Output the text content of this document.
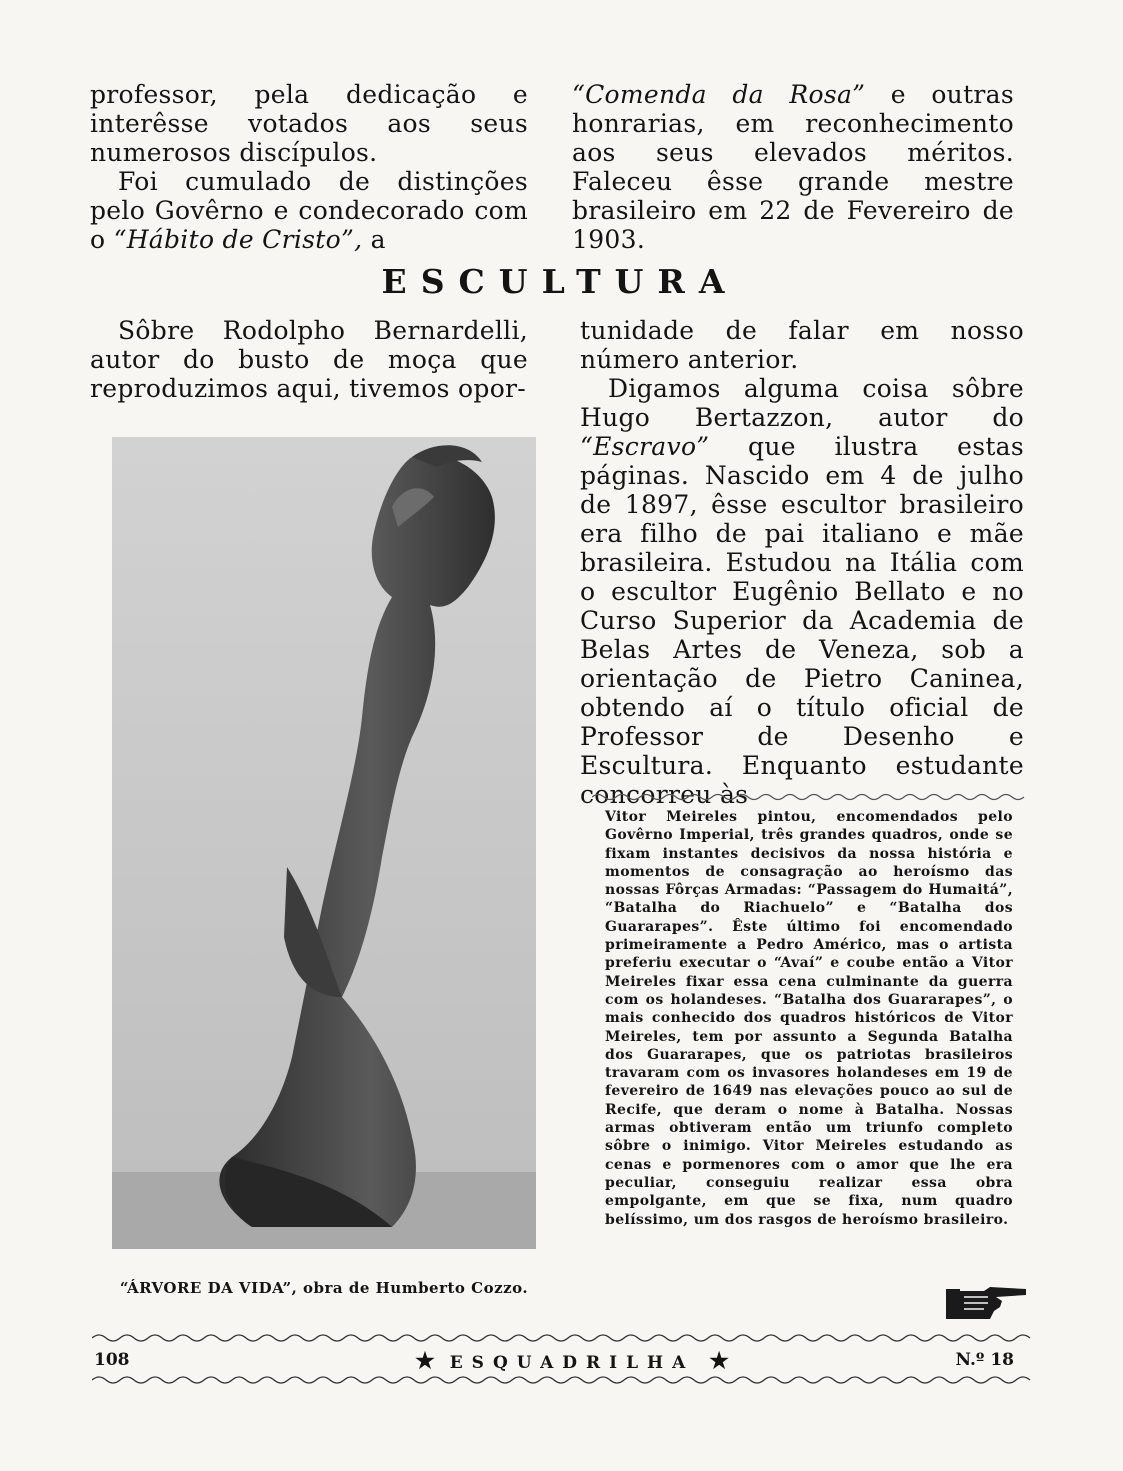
professor, pela dedicação e interêsse votados aos seus numerosos discípulos.

Foi cumulado de distinções pelo Govêrno e condecorado com o “Hábito de Cristo”, a

“Comenda da Rosa” e outras honrarias, em reconhecimento aos seus elevados méritos. Faleceu êsse grande mestre brasileiro em 22 de Fevereiro de 1903.

ESCULTURA

Sôbre Rodolpho Bernardelli, autor do busto de moça que reproduzimos aqui, tivemos opor-

tunidade de falar em nosso número anterior.

Digamos alguma coisa sôbre Hugo Bertazzon, autor do “Escravo” que ilustra estas páginas. Nascido em 4 de julho de 1897, êsse escultor brasileiro era filho de pai italiano e mãe brasileira. Estudou na Itália com o escultor Eugênio Bellato e no Curso Superior da Academia de Belas Artes de Veneza, sob a orientação de Pietro Caninea, obtendo aí o título oficial de Professor de Desenho e Escultura. Enquanto estudante concorreu às

“ÁRVORE DA VIDA”, obra de Humberto Cozzo.

Vitor Meireles pintou, encomendados pelo Govêrno Imperial, três grandes quadros, onde se fixam instantes decisivos da nossa história e momentos de consagração ao heroísmo das nossas Fôrças Armadas: “Passagem do Humaitá”, “Batalha do Riachuelo” e “Batalha dos Guararapes”. Êste último foi encomendado primeiramente a Pedro Américo, mas o artista preferiu executar o “Avaí” e coube então a Vitor Meireles fixar essa cena culminante da guerra com os holandeses. “Batalha dos Guararapes”, o mais conhecido dos quadros históricos de Vitor Meireles, tem por assunto a Segunda Batalha dos Guararapes, que os patriotas brasileiros travaram com os invasores holandeses em 19 de fevereiro de 1649 nas elevações pouco ao sul de Recife, que deram o nome à Batalha. Nossas armas obtiveram então um triunfo completo sôbre o inimigo. Vitor Meireles estudando as cenas e pormenores com o amor que lhe era peculiar, conseguiu realizar essa obra empolgante, em que se fixa, num quadro belíssimo, um dos rasgos de heroísmo brasileiro.

108	★ ESQUADRILHA ★	N.º 18
